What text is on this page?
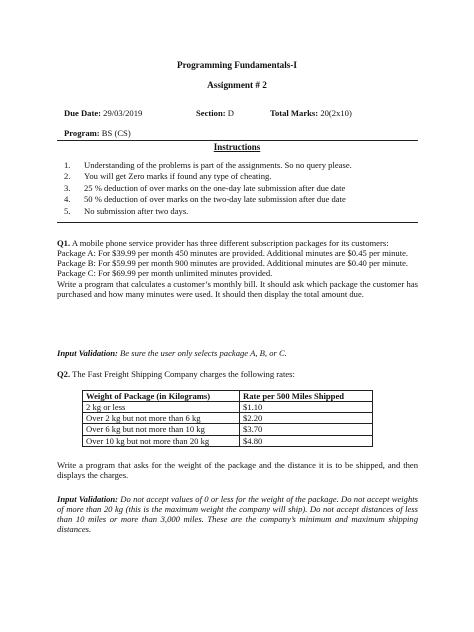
Programming Fundamentals-I
Assignment # 2
Due Date: 29/03/2019	Section: D	Total Marks: 20(2x10)
Program: BS (CS)
Instructions
1. Understanding of the problems is part of the assignments. So no query please.
2. You will get Zero marks if found any type of cheating.
3. 25 % deduction of over marks on the one-day late submission after due date
4. 50 % deduction of over marks on the two-day late submission after due date
5. No submission after two days.

Q1. A mobile phone service provider has three different subscription packages for its customers:

Package A: For $39.99 per month 450 minutes are provided. Additional minutes are $0.45 per minute.

Package B: For $59.99 per month 900 minutes are provided. Additional minutes are $0.40 per minute.

Package C: For $69.99 per month unlimited minutes provided.

Write a program that calculates a customer’s monthly bill. It should ask which package the customer has purchased and how many minutes were used. It should then display the total amount due.

Input Validation: Be sure the user only selects package A, B, or C.
Q2. The Fast Freight Shipping Company charges the following rates:
Weight of Package (in Kilograms)	Rate per 500 Miles Shipped
2 kg or less	$1.10
Over 2 kg but not more than 6 kg	$2.20
Over 6 kg but not more than 10 kg	$3.70
Over 10 kg but not more than 20 kg	$4.80
Write a program that asks for the weight of the package and the distance it is to be shipped, and then displays the charges.
Input Validation: Do not accept values of 0 or less for the weight of the package. Do not accept weights of more than 20 kg (this is the maximum weight the company will ship). Do not accept distances of less than 10 miles or more than 3,000 miles. These are the company’s minimum and maximum shipping distances.
